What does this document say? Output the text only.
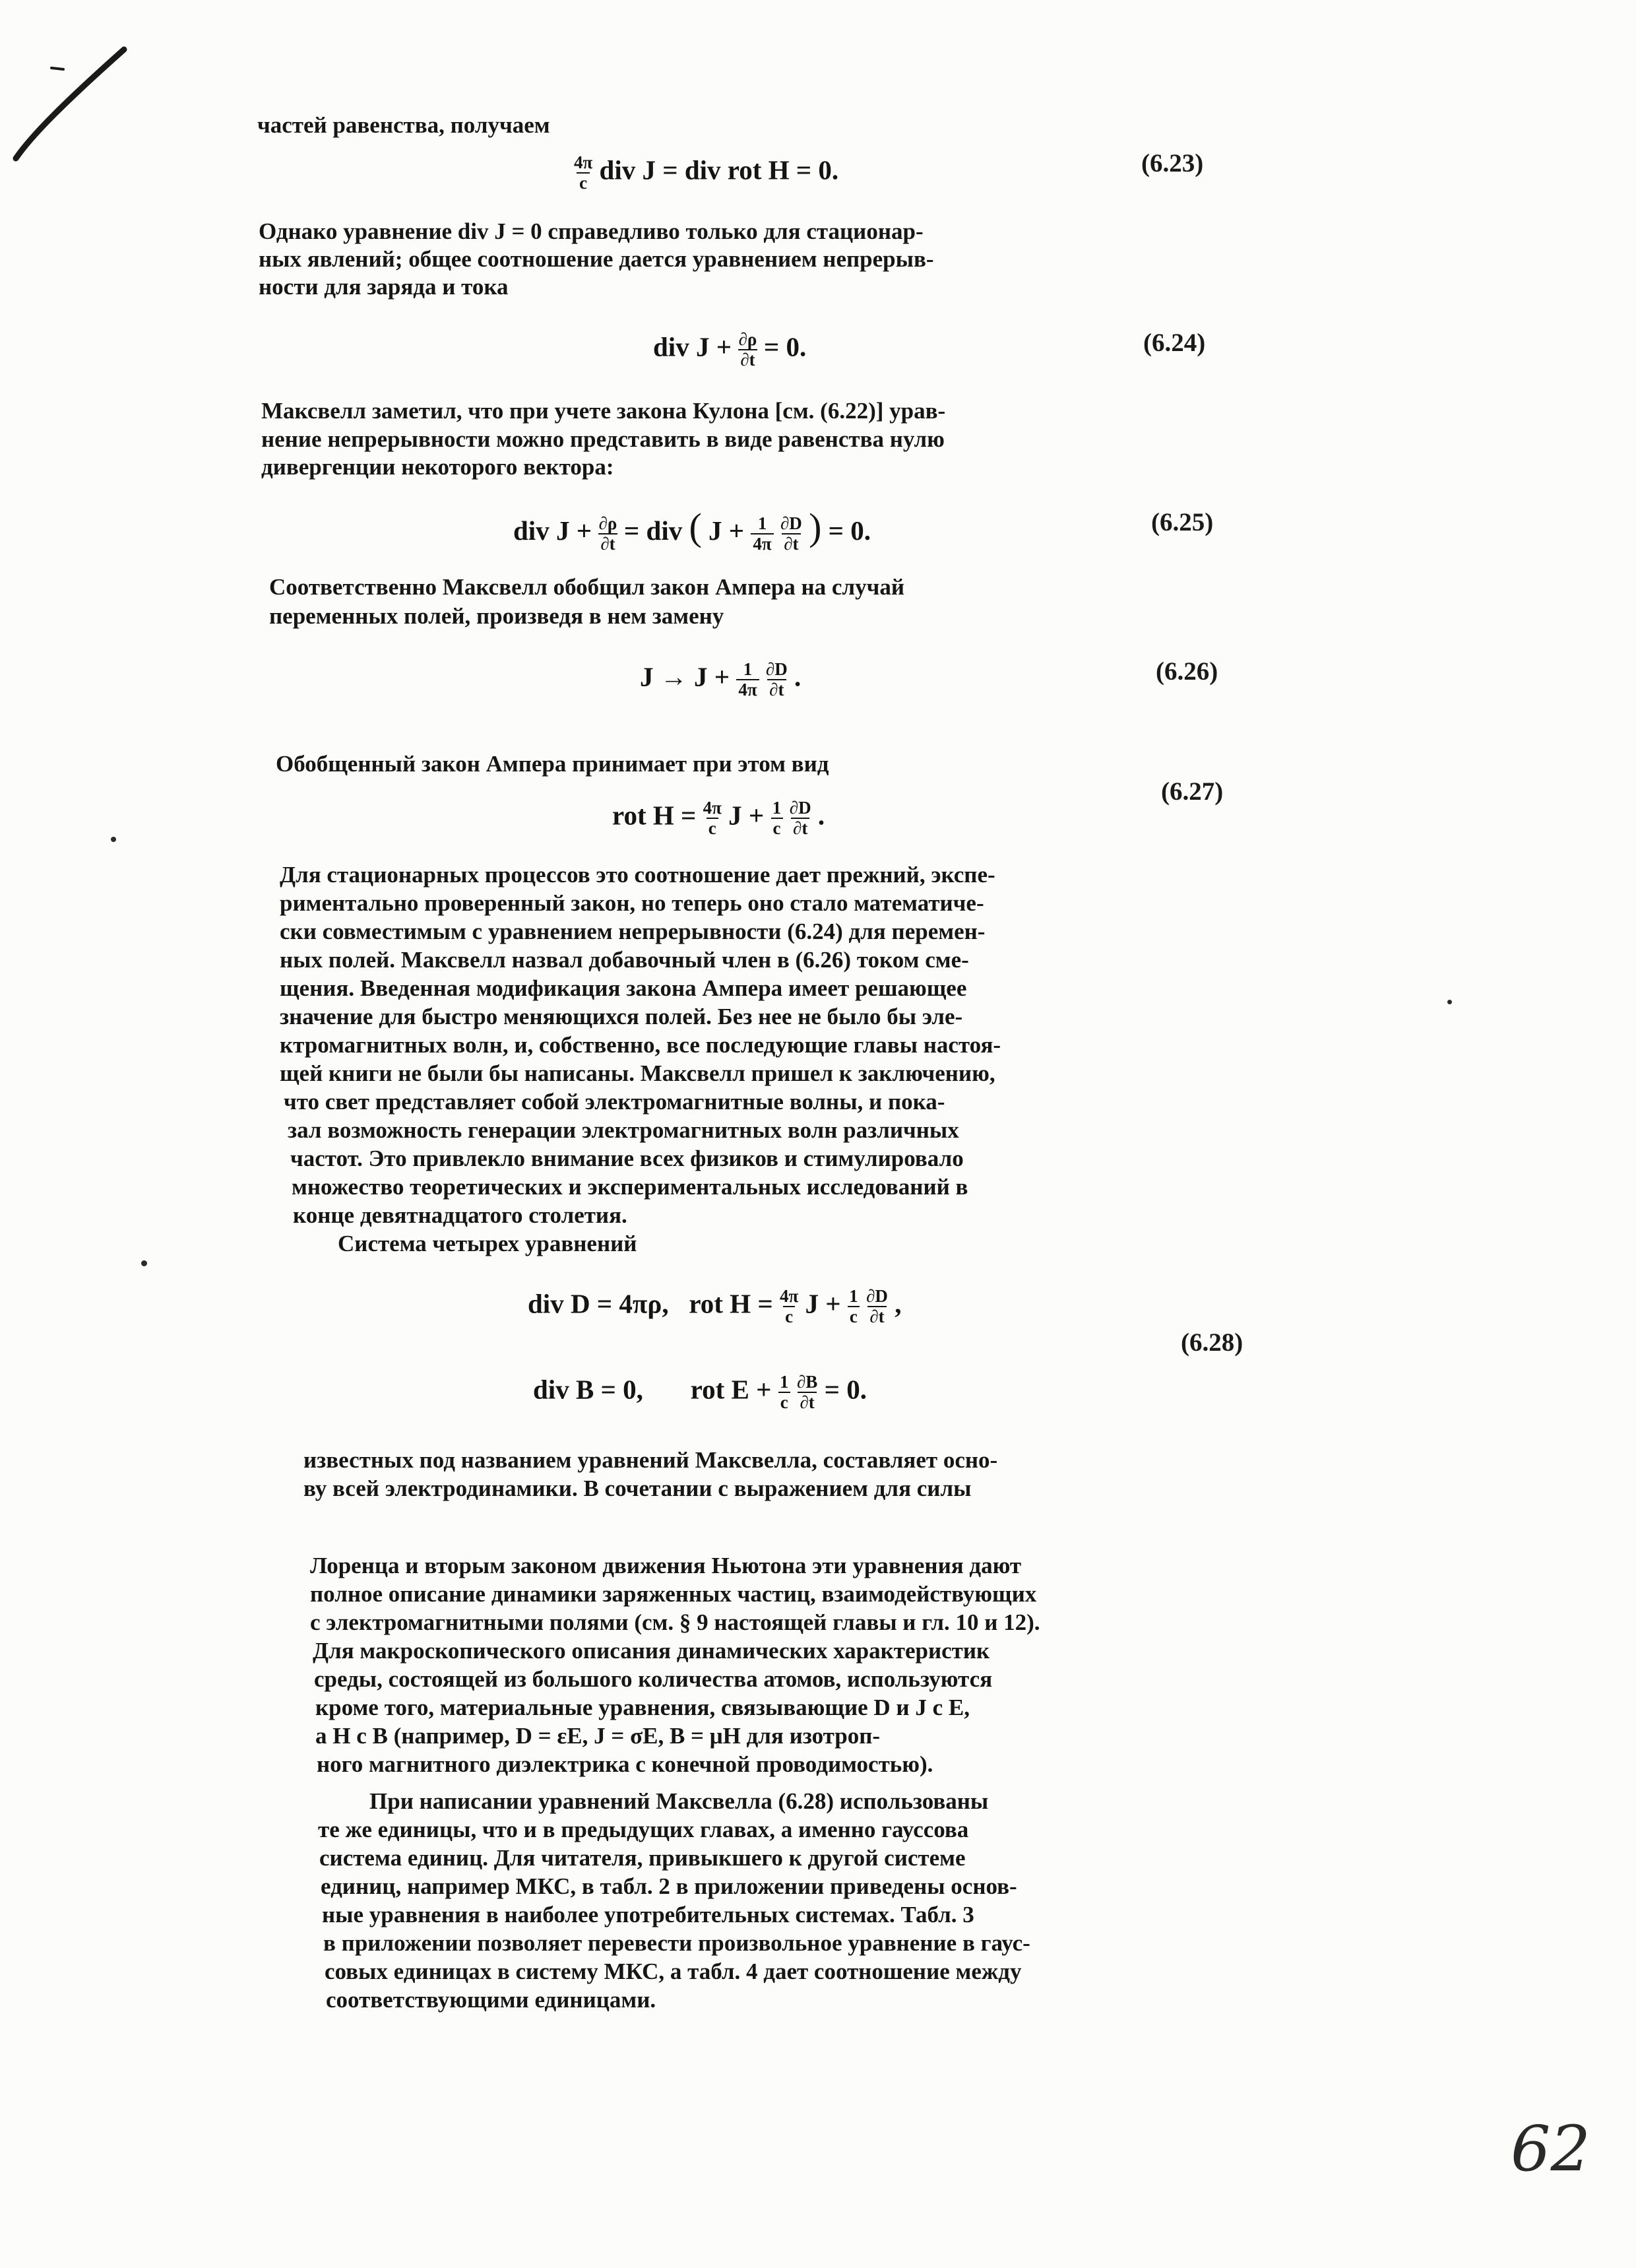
частей равенства, получаем
4π
c div J = div rot H = 0.	(6.23)
Однако уравнение div J = 0 справедливо только для стационар-
ных явлений; общее соотношение дается уравнением непрерыв-
ности для заряда и тока
div J + ∂ρ
∂t = 0.	(6.24)
Максвелл заметил, что при учете закона Кулона [см. (6.22)] урав-
нение непрерывности можно представить в виде равенства нулю
дивергенции некоторого вектора:
div J + ∂ρ
∂t = div ( J + 1
4π ∂D
∂t ) = 0.	(6.25)
Соответственно Максвелл обобщил закон Ампера на случай
переменных полей, произведя в нем замену
J → J + 1
4π ∂D
∂t .	(6.26)
Обобщенный закон Ампера принимает при этом вид
rot H = 4π
c J + 1
c ∂D
∂t .
(6.27)
Для стационарных процессов это соотношение дает прежний, экспе-
риментально проверенный закон, но теперь оно стало математиче-
ски совместимым с уравнением непрерывности (6.24) для перемен-
ных полей. Максвелл назвал добавочный член в (6.26) током сме-
щения. Введенная модификация закона Ампера имеет решающее
значение для быстро меняющихся полей. Без нее не было бы эле-
ктромагнитных волн, и, собственно, все последующие главы настоя-
щей книги не были бы написаны. Максвелл пришел к заключению,
что свет представляет собой электромагнитные волны, и пока-
зал возможность генерации электромагнитных волн различных
частот. Это привлекло внимание всех физиков и стимулировало
множество теоретических и экспериментальных исследований в
конце девятнадцатого столетия.
Система четырех уравнений
div D = 4πρ,   rot H = 4π
c J + 1
c ∂D
∂t ,
div B = 0,       rot E + 1
c ∂B
∂t = 0.
(6.28)
известных под названием уравнений Максвелла, составляет осно-
ву всей электродинамики. В сочетании с выражением для силы
Лоренца и вторым законом движения Ньютона эти уравнения дают
полное описание динамики заряженных частиц, взаимодействующих
с электромагнитными полями (см. § 9 настоящей главы и гл. 10 и 12).
Для макроскопического описания динамических характеристик
среды, состоящей из большого количества атомов, используются
кроме того, материальные уравнения, связывающие D и J c E,
а H c B (например, D = εE, J = σE, B = μH для изотроп-
ного магнитного диэлектрика с конечной проводимостью).
При написании уравнений Максвелла (6.28) использованы
те же единицы, что и в предыдущих главах, а именно гауссова
система единиц. Для читателя, привыкшего к другой системе
единиц, например МКС, в табл. 2 в приложении приведены основ-
ные уравнения в наиболее употребительных системах. Табл. 3
в приложении позволяет перевести произвольное уравнение в гаус-
совых единицах в систему МКС, а табл. 4 дает соотношение между
соответствующими единицами.
62
